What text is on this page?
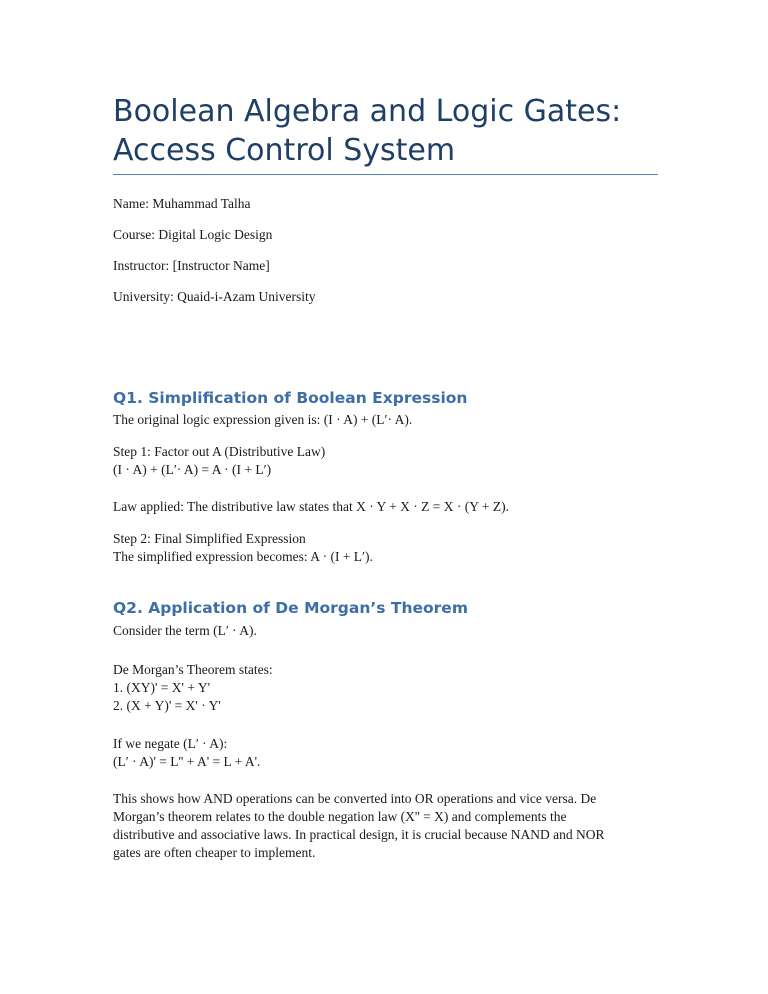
Boolean Algebra and Logic Gates:
Access Control System

Name: Muhammad Talha

Course: Digital Logic Design

Instructor: [Instructor Name]

University: Quaid-i-Azam University

Q1. Simplification of Boolean Expression

The original logic expression given is: (I · A) + (L′· A).

Step 1: Factor out A (Distributive Law)

(I · A) + (L′· A) = A · (I + L′)

Law applied: The distributive law states that X · Y + X · Z = X · (Y + Z).

Step 2: Final Simplified Expression

The simplified expression becomes: A · (I + L′).

Q2. Application of De Morgan’s Theorem

Consider the term (L′ · A).

De Morgan’s Theorem states:

1. (XY)' = X' + Y'

2. (X + Y)' = X' · Y'

If we negate (L′ · A):

(L′ · A)' = L'' + A' = L + A'.

This shows how AND operations can be converted into OR operations and vice versa. De

Morgan’s theorem relates to the double negation law (X'' = X) and complements the

distributive and associative laws. In practical design, it is crucial because NAND and NOR

gates are often cheaper to implement.
